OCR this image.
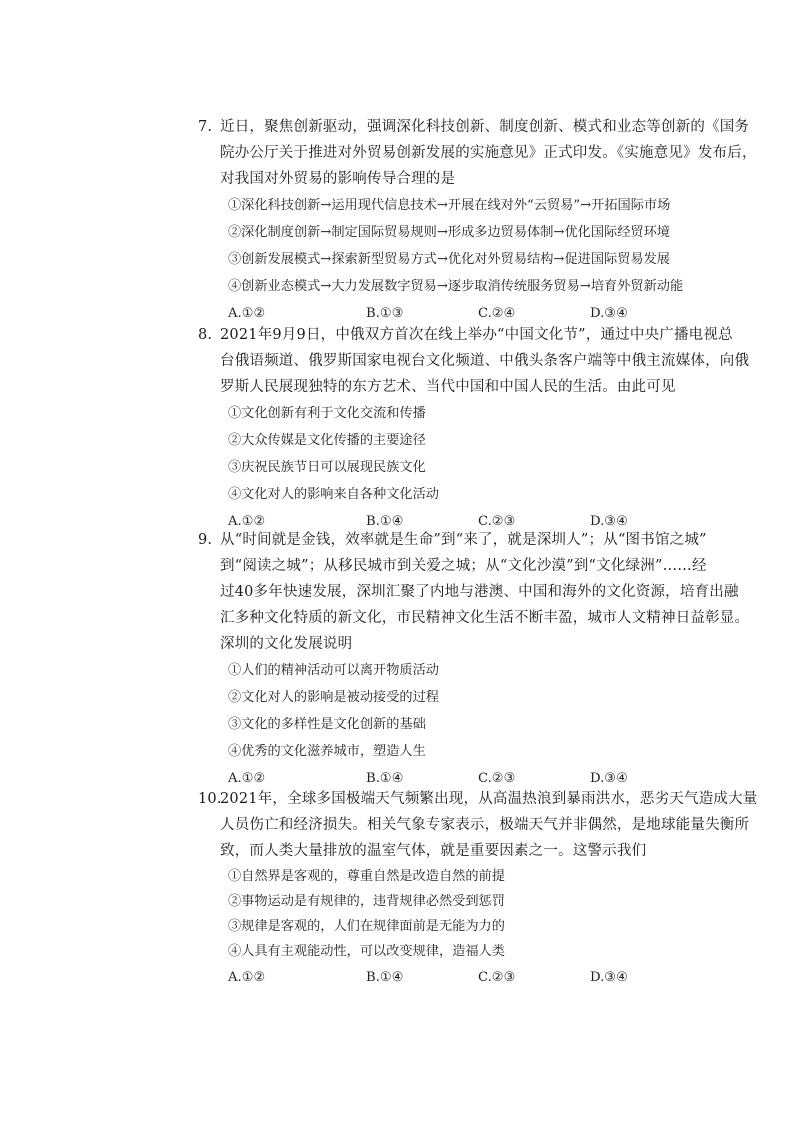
7. 近日，聚焦创新驱动，强调深化科技创新、制度创新、模式和业态等创新的《国务
院办公厅关于推进对外贸易创新发展的实施意见》正式印发。《实施意见》发布后，
对我国对外贸易的影响传导合理的是
①深化科技创新→运用现代信息技术→开展在线对外“云贸易”→开拓国际市场
②深化制度创新→制定国际贸易规则→形成多边贸易体制→优化国际经贸环境
③创新发展模式→探索新型贸易方式→优化对外贸易结构→促进国际贸易发展
④创新业态模式→大力发展数字贸易→逐步取消传统服务贸易→培育外贸新动能
A.①②	B.①③	C.②④	D.③④
8. 2021年9月9日，中俄双方首次在线上举办“中国文化节”，通过中央广播电视总
台俄语频道、俄罗斯国家电视台文化频道、中俄头条客户端等中俄主流媒体，向俄
罗斯人民展现独特的东方艺术、当代中国和中国人民的生活。由此可见
①文化创新有利于文化交流和传播
②大众传媒是文化传播的主要途径
③庆祝民族节日可以展现民族文化
④文化对人的影响来自各种文化活动
A.①②	B.①④	C.②③	D.③④
9. 从“时间就是金钱，效率就是生命”到“来了，就是深圳人”；从“图书馆之城”
到“阅读之城”；从移民城市到关爱之城；从“文化沙漠”到“文化绿洲”……经
过40多年快速发展，深圳汇聚了内地与港澳、中国和海外的文化资源，培育出融
汇多种文化特质的新文化，市民精神文化生活不断丰盈，城市人文精神日益彰显。
深圳的文化发展说明
①人们的精神活动可以离开物质活动
②文化对人的影响是被动接受的过程
③文化的多样性是文化创新的基础
④优秀的文化滋养城市，塑造人生
A.①②	B.①④	C.②③	D.③④
10.
2021年，全球多国极端天气频繁出现，从高温热浪到暴雨洪水，恶劣天气造成大量
人员伤亡和经济损失。相关气象专家表示，极端天气并非偶然，是地球能量失衡所
致，而人类大量排放的温室气体，就是重要因素之一。这警示我们
①自然界是客观的，尊重自然是改造自然的前提
②事物运动是有规律的，违背规律必然受到惩罚
③规律是客观的，人们在规律面前是无能为力的
④人具有主观能动性，可以改变规律，造福人类
A.①②	B.①④	C.②③	D.③④
